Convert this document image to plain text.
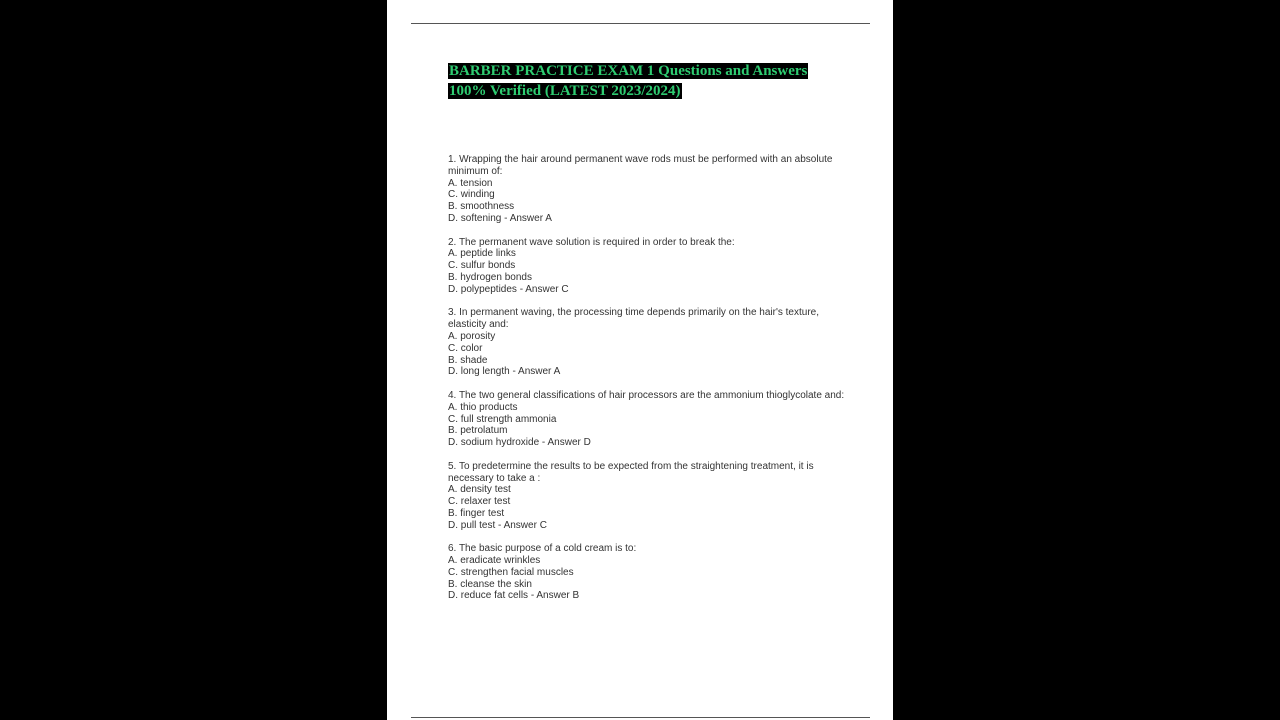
BARBER PRACTICE EXAM 1 Questions and Answers
100% Verified (LATEST 2023/2024)
1. Wrapping the hair around permanent wave rods must be performed with an absolute minimum of:
A. tension
C. winding
B. smoothness
D. softening - Answer A
2. The permanent wave solution is required in order to break the:
A. peptide links
C. sulfur bonds
B. hydrogen bonds
D. polypeptides - Answer C
3. In permanent waving, the processing time depends primarily on the hair's texture, elasticity and:
A. porosity
C. color
B. shade
D. long length - Answer A
4. The two general classifications of hair processors are the ammonium thioglycolate and:
A. thio products
C. full strength ammonia
B. petrolatum
D. sodium hydroxide - Answer D
5. To predetermine the results to be expected from the straightening treatment, it is necessary to take a :
A. density test
C. relaxer test
B. finger test
D. pull test - Answer C
6. The basic purpose of a cold cream is to:
A. eradicate wrinkles
C. strengthen facial muscles
B. cleanse the skin
D. reduce fat cells - Answer B
